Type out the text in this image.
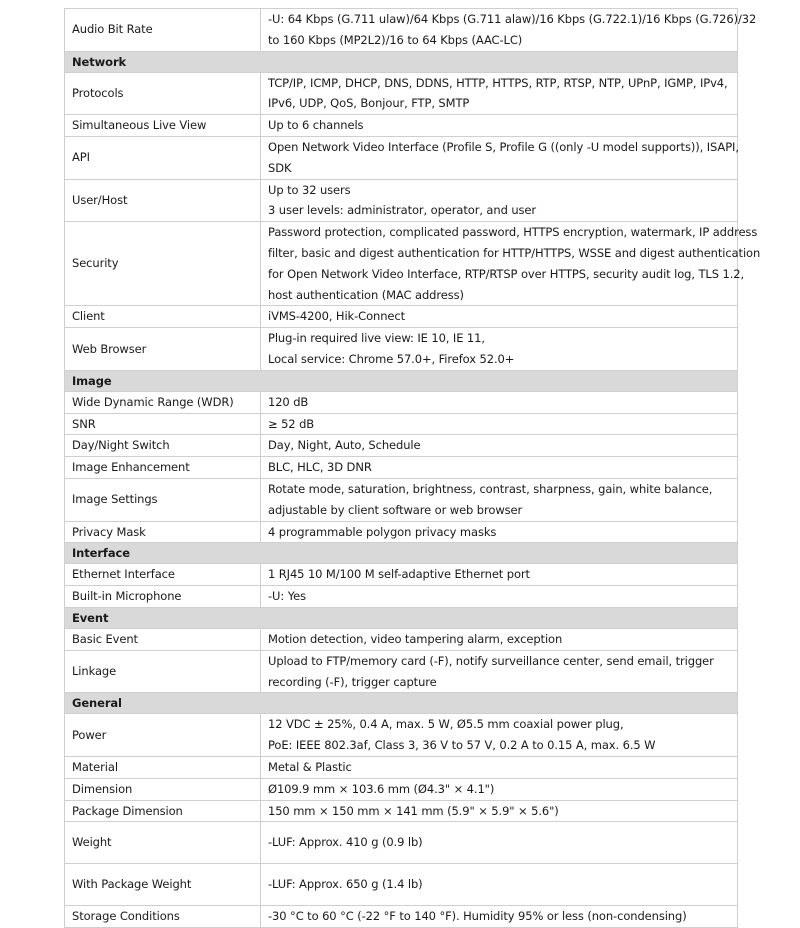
Audio Bit Rate	-U: 64 Kbps (G.711 ulaw)/64 Kbps (G.711 alaw)/16 Kbps (G.722.1)/16 Kbps (G.726)/32
to 160 Kbps (MP2L2)/16 to 64 Kbps (AAC-LC)

Network	
Protocols	TCP/IP, ICMP, DHCP, DNS, DDNS, HTTP, HTTPS, RTP, RTSP, NTP, UPnP, IGMP, IPv4,
IPv6, UDP, QoS, Bonjour, FTP, SMTP

Simultaneous Live View	Up to 6 channels

API	Open Network Video Interface (Profile S, Profile G ((only -U model supports)), ISAPI,
SDK

User/Host	Up to 32 users
3 user levels: administrator, operator, and user

Security	Password protection, complicated password, HTTPS encryption, watermark, IP address
filter, basic and digest authentication for HTTP/HTTPS, WSSE and digest authentication
for Open Network Video Interface, RTP/RTSP over HTTPS, security audit log, TLS 1.2,
host authentication (MAC address)

Client	iVMS-4200, Hik-Connect

Web Browser	Plug-in required live view: IE 10, IE 11,
Local service: Chrome 57.0+, Firefox 52.0+

Image	
Wide Dynamic Range (WDR)	120 dB

SNR	≥ 52 dB

Day/Night Switch	Day, Night, Auto, Schedule

Image Enhancement	BLC, HLC, 3D DNR

Image Settings	Rotate mode, saturation, brightness, contrast, sharpness, gain, white balance,
adjustable by client software or web browser

Privacy Mask	4 programmable polygon privacy masks

Interface	
Ethernet Interface	1 RJ45 10 M/100 M self-adaptive Ethernet port

Built-in Microphone	-U: Yes

Event	
Basic Event	Motion detection, video tampering alarm, exception

Linkage	Upload to FTP/memory card (-F), notify surveillance center, send email, trigger
recording (-F), trigger capture

General	
Power	12 VDC ± 25%, 0.4 A, max. 5 W, Ø5.5 mm coaxial power plug,
PoE: IEEE 802.3af, Class 3, 36 V to 57 V, 0.2 A to 0.15 A, max. 6.5 W

Material	Metal & Plastic

Dimension	Ø109.9 mm × 103.6 mm (Ø4.3" × 4.1")

Package Dimension	150 mm × 150 mm × 141 mm (5.9" × 5.9" × 5.6")

Weight	-LUF: Approx. 410 g (0.9 lb)

With Package Weight	-LUF: Approx. 650 g (1.4 lb)

Storage Conditions	-30 °C to 60 °C (-22 °F to 140 °F). Humidity 95% or less (non-condensing)
